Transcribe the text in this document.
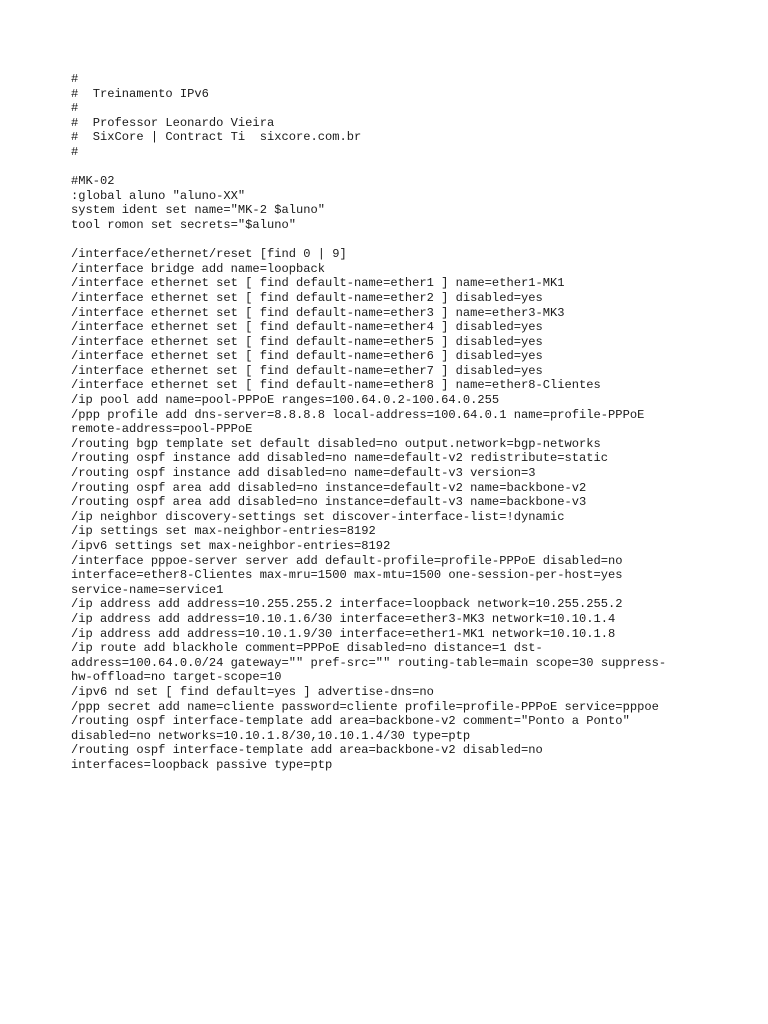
#
#  Treinamento IPv6
#
#  Professor Leonardo Vieira
#  SixCore | Contract Ti  sixcore.com.br
#
#MK-02
:global aluno "aluno-XX"
system ident set name="MK-2 $aluno"
tool romon set secrets="$aluno"
/interface/ethernet/reset [find 0 | 9]
/interface bridge add name=loopback
/interface ethernet set [ find default-name=ether1 ] name=ether1-MK1
/interface ethernet set [ find default-name=ether2 ] disabled=yes
/interface ethernet set [ find default-name=ether3 ] name=ether3-MK3
/interface ethernet set [ find default-name=ether4 ] disabled=yes
/interface ethernet set [ find default-name=ether5 ] disabled=yes
/interface ethernet set [ find default-name=ether6 ] disabled=yes
/interface ethernet set [ find default-name=ether7 ] disabled=yes
/interface ethernet set [ find default-name=ether8 ] name=ether8-Clientes
/ip pool add name=pool-PPPoE ranges=100.64.0.2-100.64.0.255
/ppp profile add dns-server=8.8.8.8 local-address=100.64.0.1 name=profile-PPPoE
remote-address=pool-PPPoE
/routing bgp template set default disabled=no output.network=bgp-networks
/routing ospf instance add disabled=no name=default-v2 redistribute=static
/routing ospf instance add disabled=no name=default-v3 version=3
/routing ospf area add disabled=no instance=default-v2 name=backbone-v2
/routing ospf area add disabled=no instance=default-v3 name=backbone-v3
/ip neighbor discovery-settings set discover-interface-list=!dynamic
/ip settings set max-neighbor-entries=8192
/ipv6 settings set max-neighbor-entries=8192
/interface pppoe-server server add default-profile=profile-PPPoE disabled=no
interface=ether8-Clientes max-mru=1500 max-mtu=1500 one-session-per-host=yes
service-name=service1
/ip address add address=10.255.255.2 interface=loopback network=10.255.255.2
/ip address add address=10.10.1.6/30 interface=ether3-MK3 network=10.10.1.4
/ip address add address=10.10.1.9/30 interface=ether1-MK1 network=10.10.1.8
/ip route add blackhole comment=PPPoE disabled=no distance=1 dst-
address=100.64.0.0/24 gateway="" pref-src="" routing-table=main scope=30 suppress-
hw-offload=no target-scope=10
/ipv6 nd set [ find default=yes ] advertise-dns=no
/ppp secret add name=cliente password=cliente profile=profile-PPPoE service=pppoe
/routing ospf interface-template add area=backbone-v2 comment="Ponto a Ponto"
disabled=no networks=10.10.1.8/30,10.10.1.4/30 type=ptp
/routing ospf interface-template add area=backbone-v2 disabled=no
interfaces=loopback passive type=ptp
